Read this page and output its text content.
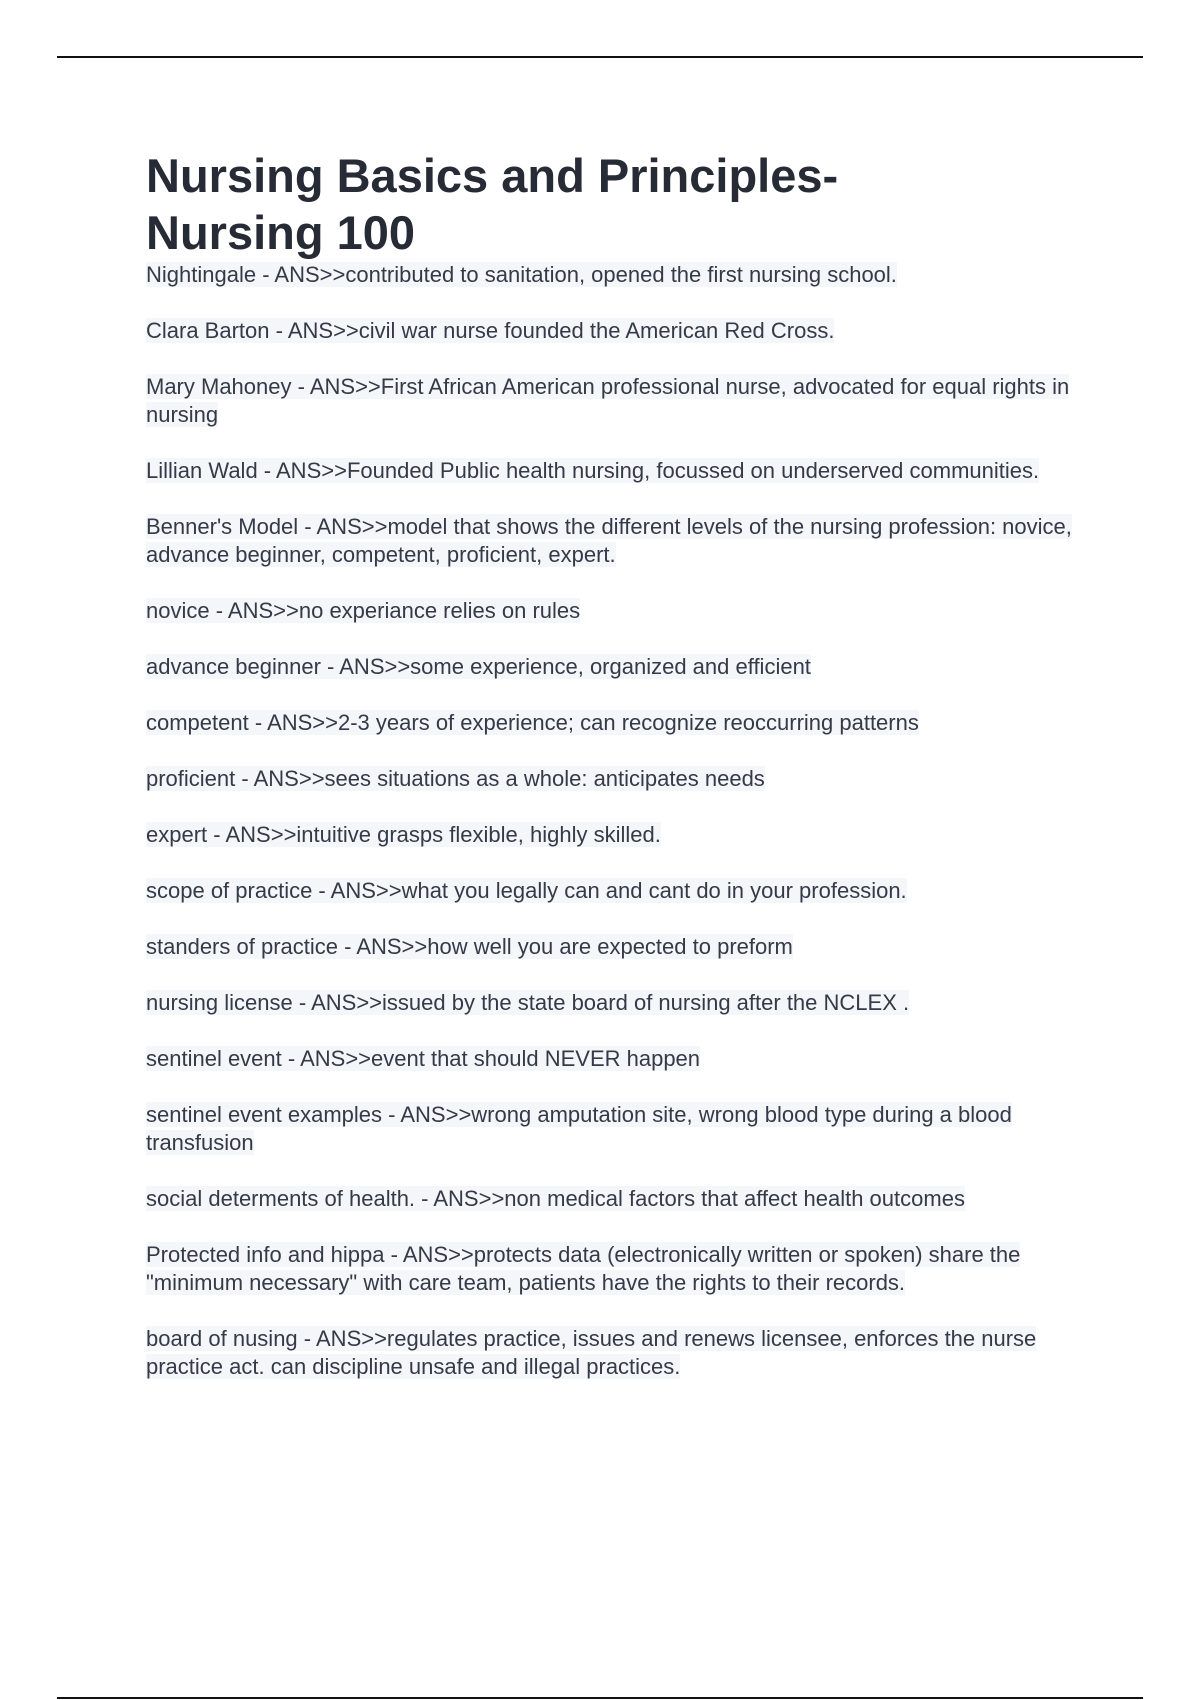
Nursing Basics and Principles-
Nursing 100
Nightingale - ANS>>contributed to sanitation, opened the first nursing school.
Clara Barton - ANS>>civil war nurse founded the American Red Cross.
Mary Mahoney - ANS>>First African American professional nurse, advocated for equal rights in nursing
Lillian Wald - ANS>>Founded Public health nursing, focussed on underserved communities.
Benner's Model - ANS>>model that shows the different levels of the nursing profession: novice, advance beginner, competent, proficient, expert.
novice - ANS>>no experiance relies on rules
advance beginner - ANS>>some experience, organized and efficient
competent - ANS>>2-3 years of experience; can recognize reoccurring patterns
proficient - ANS>>sees situations as a whole: anticipates needs
expert - ANS>>intuitive grasps flexible, highly skilled.
scope of practice - ANS>>what you legally can and cant do in your profession.
standers of practice - ANS>>how well you are expected to preform
nursing license - ANS>>issued by the state board of nursing after the NCLEX .
sentinel event - ANS>>event that should NEVER happen
sentinel event examples - ANS>>wrong amputation site, wrong blood type during a blood transfusion
social determents of health. - ANS>>non medical factors that affect health outcomes
Protected info and hippa - ANS>>protects data (electronically written or spoken) share the "minimum necessary" with care team, patients have the rights to their records.
board of nusing - ANS>>regulates practice, issues and renews licensee, enforces the nurse practice act. can discipline unsafe and illegal practices.
